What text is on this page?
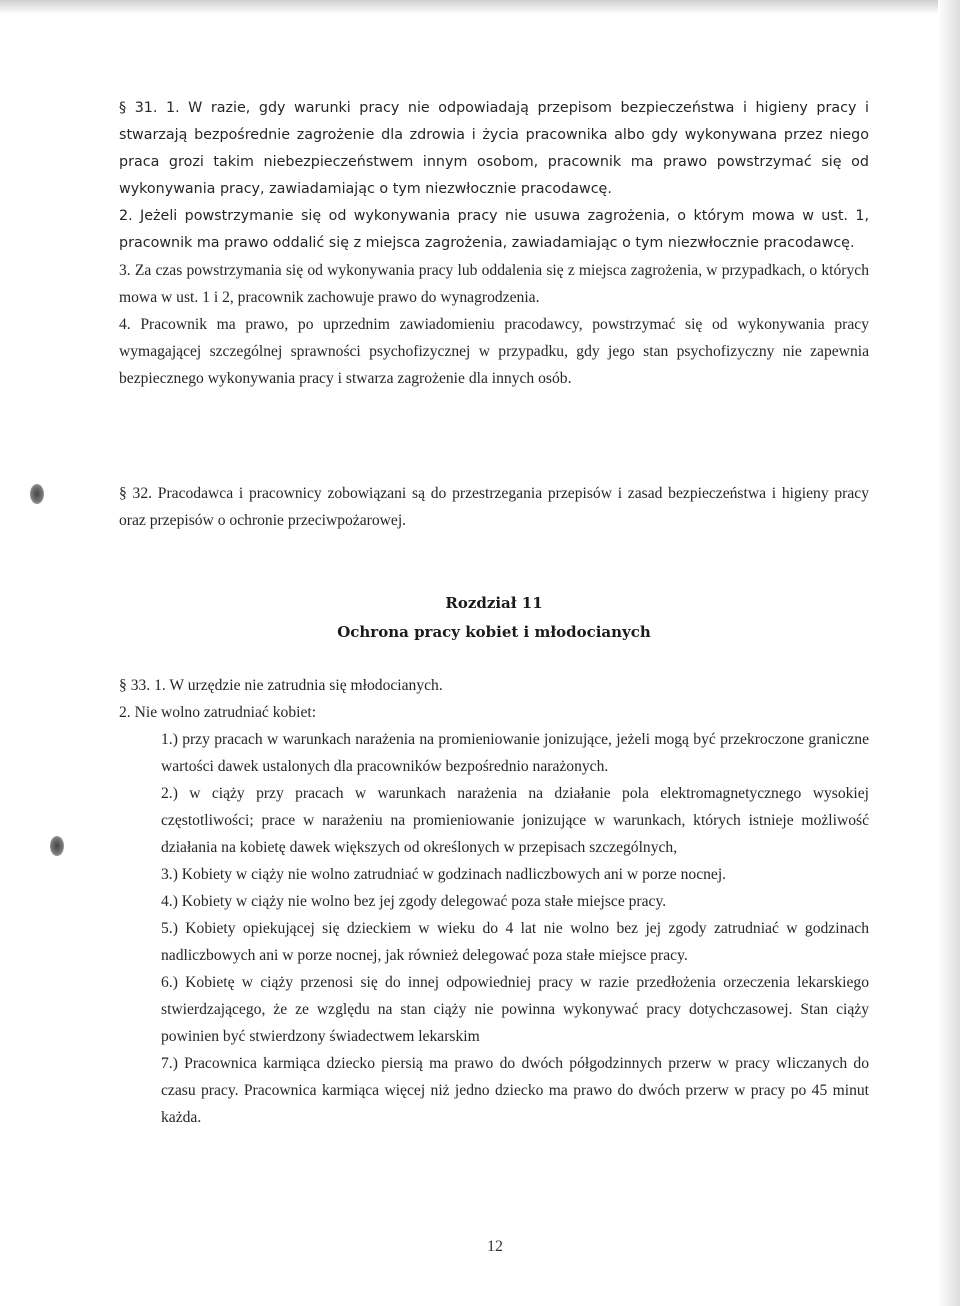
§ 31. 1. W razie, gdy warunki pracy nie odpowiadają przepisom bezpieczeństwa i higieny pracy i stwarzają bezpośrednie zagrożenie dla zdrowia i życia pracownika albo gdy wykonywana przez niego praca grozi takim niebezpieczeństwem innym osobom, pracownik ma prawo powstrzymać się od wykonywania pracy, zawiadamiając o tym niezwłocznie pracodawcę.

2. Jeżeli powstrzymanie się od wykonywania pracy nie usuwa zagrożenia, o którym mowa w ust. 1, pracownik ma prawo oddalić się z miejsca zagrożenia, zawiadamiając o tym niezwłocznie pracodawcę.

3. Za czas powstrzymania się od wykonywania pracy lub oddalenia się z miejsca zagrożenia, w przypadkach, o których mowa w ust. 1 i 2, pracownik zachowuje prawo do wynagrodzenia.

4. Pracownik ma prawo, po uprzednim zawiadomieniu pracodawcy, powstrzymać się od wykonywania pracy wymagającej szczególnej sprawności psychofizycznej w przypadku, gdy jego stan psychofizyczny nie zapewnia bezpiecznego wykonywania pracy i stwarza zagrożenie dla innych osób.

§ 32. Pracodawca i pracownicy zobowiązani są do przestrzegania przepisów i zasad bezpieczeństwa i higieny pracy oraz przepisów o ochronie przeciwpożarowej.

Rozdział 11
Ochrona pracy kobiet i młodocianych

§ 33. 1. W urzędzie nie zatrudnia się młodocianych.

2. Nie wolno zatrudniać kobiet:

1.) przy pracach w warunkach narażenia na promieniowanie jonizujące, jeżeli mogą być przekroczone graniczne wartości dawek ustalonych dla pracowników bezpośrednio narażonych.

2.) w ciąży przy pracach w warunkach narażenia na działanie pola elektromagnetycznego wysokiej częstotliwości; prace w narażeniu na promieniowanie jonizujące w warunkach, których istnieje możliwość działania na kobietę dawek większych od określonych w przepisach szczególnych,

3.) Kobiety w ciąży nie wolno zatrudniać w godzinach nadliczbowych ani w porze nocnej.

4.) Kobiety w ciąży nie wolno bez jej zgody delegować poza stałe miejsce pracy.

5.) Kobiety opiekującej się dzieckiem w wieku do 4 lat nie wolno bez jej zgody zatrudniać w godzinach nadliczbowych ani w porze nocnej, jak również delegować poza stałe miejsce pracy.

6.) Kobietę w ciąży przenosi się do innej odpowiedniej pracy w razie przedłożenia orzeczenia lekarskiego stwierdzającego, że ze względu na stan ciąży nie powinna wykonywać pracy dotychczasowej. Stan ciąży powinien być stwierdzony świadectwem lekarskim

7.) Pracownica karmiąca dziecko piersią ma prawo do dwóch półgodzinnych przerw w pracy wliczanych do czasu pracy. Pracownica karmiąca więcej niż jedno dziecko ma prawo do dwóch przerw w pracy po 45 minut każda.

12
